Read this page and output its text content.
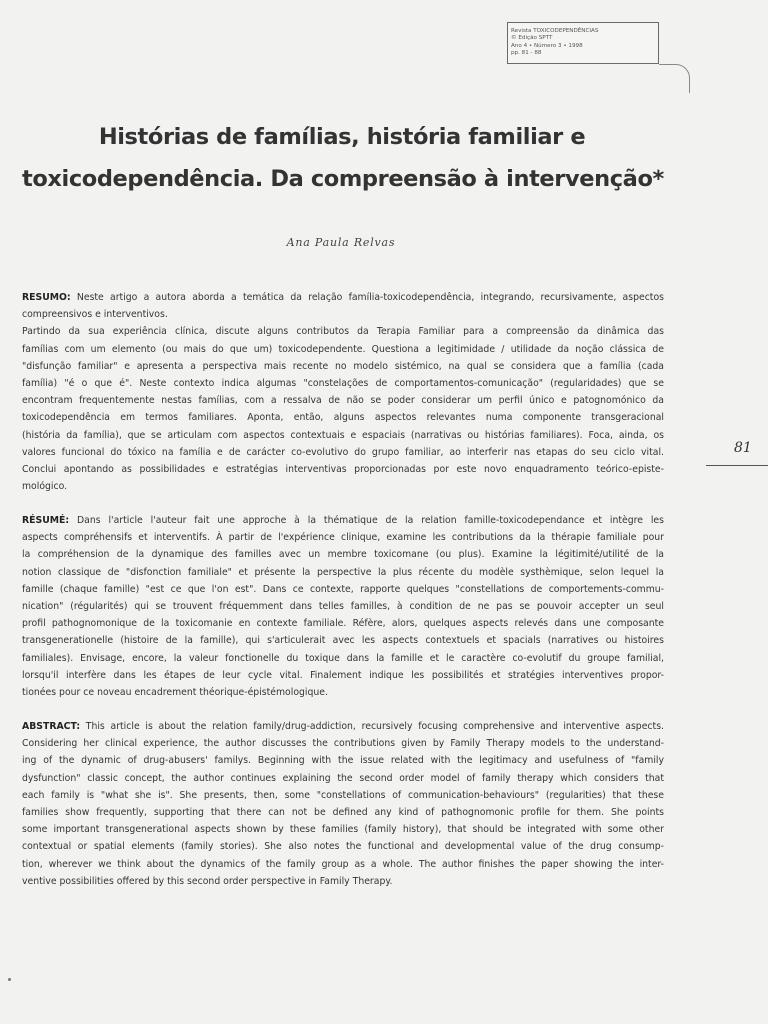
Revista TOXICODEPENDÊNCIAS
© Edição SPTT
Ano 4 • Número 3 • 1998
pp. 81 - 88
Histórias de famílias, história familiar e
toxicodependência. Da compreensão à intervenção*
Ana Paula Relvas
RESUMO: Neste artigo a autora aborda a temática da relação família-toxicodependência, integrando, recursivamente, aspectos
compreensivos e interventivos.
Partindo da sua experiência clínica, discute alguns contributos da Terapia Familiar para a compreensão da dinâmica das
famílias com um elemento (ou mais do que um) toxicodependente. Questiona a legitimidade / utilidade da noção clássica de
"disfunção familiar" e apresenta a perspectiva mais recente no modelo sistémico, na qual se considera que a família (cada
família) "é o que é". Neste contexto indica algumas "constelações de comportamentos-comunicação" (regularidades) que se
encontram frequentemente nestas famílias, com a ressalva de não se poder considerar um perfil único e patognomónico da
toxicodependência em termos familiares. Aponta, então, alguns aspectos relevantes numa componente transgeracional
(história da família), que se articulam com aspectos contextuais e espaciais (narrativas ou histórias familiares). Foca, ainda, os
valores funcional do tóxico na família e de carácter co-evolutivo do grupo familiar, ao interferir nas etapas do seu ciclo vital.
Conclui apontando as possibilidades e estratégias interventivas proporcionadas por este novo enquadramento teórico-episte-
mológico.
RÉSUMÉ: Dans l'article l'auteur fait une approche à la thématique de la relation famille-toxicodependance et intègre les
aspects compréhensifs et interventifs. À partir de l'expérience clinique, examine les contributions da la thérapie familiale pour
la compréhension de la dynamique des familles avec un membre toxicomane (ou plus). Examine la légitimité/utilité de la
notion classique de "disfonction familiale" et présente la perspective la plus récente du modèle systhèmique, selon lequel la
famille (chaque famille) "est ce que l'on est". Dans ce contexte, rapporte quelques "constellations de comportements-commu-
nication" (régularités) qui se trouvent fréquemment dans telles familles, à condition de ne pas se pouvoir accepter un seul
profil pathognomonique de la toxicomanie en contexte familiale. Réfère, alors, quelques aspects relevés dans une composante
transgenerationelle (histoire de la famille), qui s'articulerait avec les aspects contextuels et spacials (narratives ou histoires
familiales). Envisage, encore, la valeur fonctionelle du toxique dans la famille et le caractère co-evolutif du groupe familial,
lorsqu'il interfère dans les étapes de leur cycle vital. Finalement indique les possibilités et stratégies interventives propor-
tionées pour ce noveau encadrement théorique-épistémologique.
ABSTRACT: This article is about the relation family/drug-addiction, recursively focusing comprehensive and interventive aspects.
Considering her clinical experience, the author discusses the contributions given by Family Therapy models to the understand-
ing of the dynamic of drug-abusers' familys. Beginning with the issue related with the legitimacy and usefulness of "family
dysfunction" classic concept, the author continues explaining the second order model of family therapy which considers that
each family is "what she is". She presents, then, some "constellations of communication-behaviours" (regularities) that these
families show frequently, supporting that there can not be defined any kind of pathognomonic profile for them. She points
some important transgenerational aspects shown by these families (family history), that should be integrated with some other
contextual or spatial elements (family stories). She also notes the functional and developmental value of the drug consump-
tion, wherever we think about the dynamics of the family group as a whole. The author finishes the paper showing the inter-
ventive possibilities offered by this second order perspective in Family Therapy.
81
